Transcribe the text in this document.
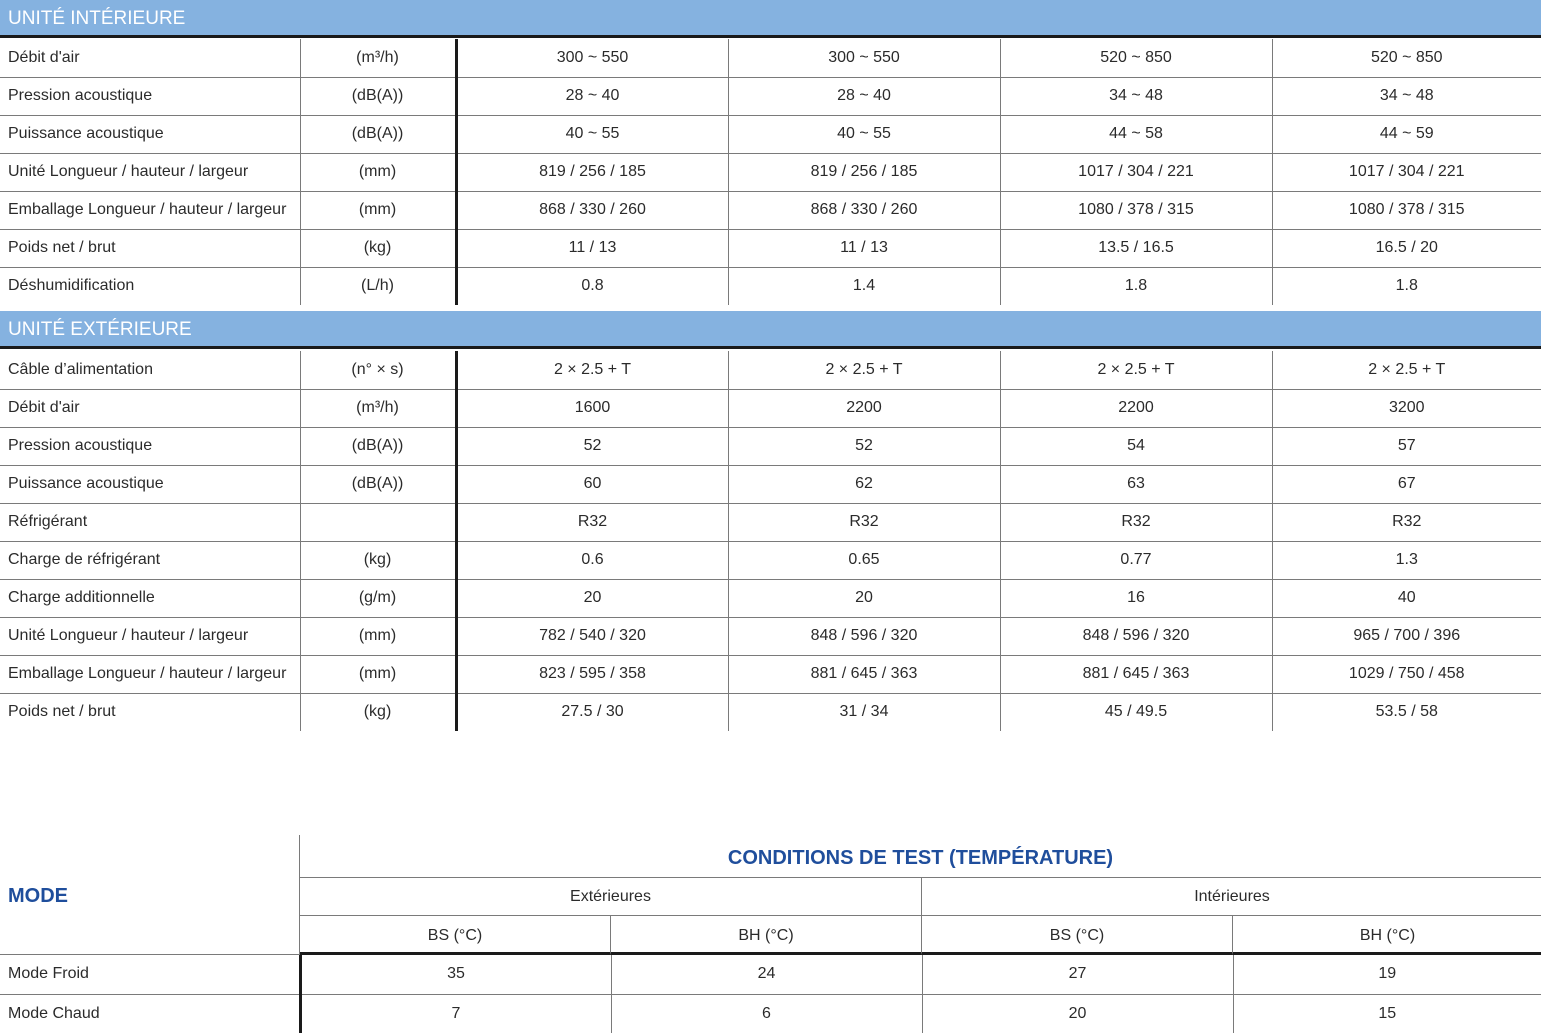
UNITÉ INTÉRIEURE
Débit d'air	(m³/h)	300 ~ 550	300 ~ 550	520 ~ 850	520 ~ 850
Pression acoustique	(dB(A))	28 ~ 40	28 ~ 40	34 ~ 48	34 ~ 48
Puissance acoustique	(dB(A))	40 ~ 55	40 ~ 55	44 ~ 58	44 ~ 59
Unité Longueur / hauteur / largeur	(mm)	819 / 256 / 185	819 / 256 / 185	1017 / 304 / 221	1017 / 304 / 221
Emballage Longueur / hauteur / largeur	(mm)	868 / 330 / 260	868 / 330 / 260	1080 / 378 / 315	1080 / 378 / 315
Poids net / brut	(kg)	11 / 13	11 / 13	13.5 / 16.5	16.5 / 20
Déshumidification	(L/h)	0.8	1.4	1.8	1.8
UNITÉ EXTÉRIEURE
Câble d’alimentation	(n° × s)	2 × 2.5 + T	2 × 2.5 + T	2 × 2.5 + T	2 × 2.5 + T
Débit d'air	(m³/h)	1600	2200	2200	3200
Pression acoustique	(dB(A))	52	52	54	57
Puissance acoustique	(dB(A))	60	62	63	67
Réfrigérant		R32	R32	R32	R32
Charge de réfrigérant	(kg)	0.6	0.65	0.77	1.3
Charge additionnelle	(g/m)	20	20	16	40
Unité Longueur / hauteur / largeur	(mm)	782 / 540 / 320	848 / 596 / 320	848 / 596 / 320	965 / 700 / 396
Emballage Longueur / hauteur / largeur	(mm)	823 / 595 / 358	881 / 645 / 363	881 / 645 / 363	1029 / 750 / 458
Poids net / brut	(kg)	27.5 / 30	31 / 34	45 / 49.5	53.5 / 58
MODE
CONDITIONS DE TEST (TEMPÉRATURE)
Extérieures	Intérieures
BS (°C)	BH (°C)	BS (°C)	BH (°C)
Mode Froid	35	24	27	19
Mode Chaud	7	6	20	15
